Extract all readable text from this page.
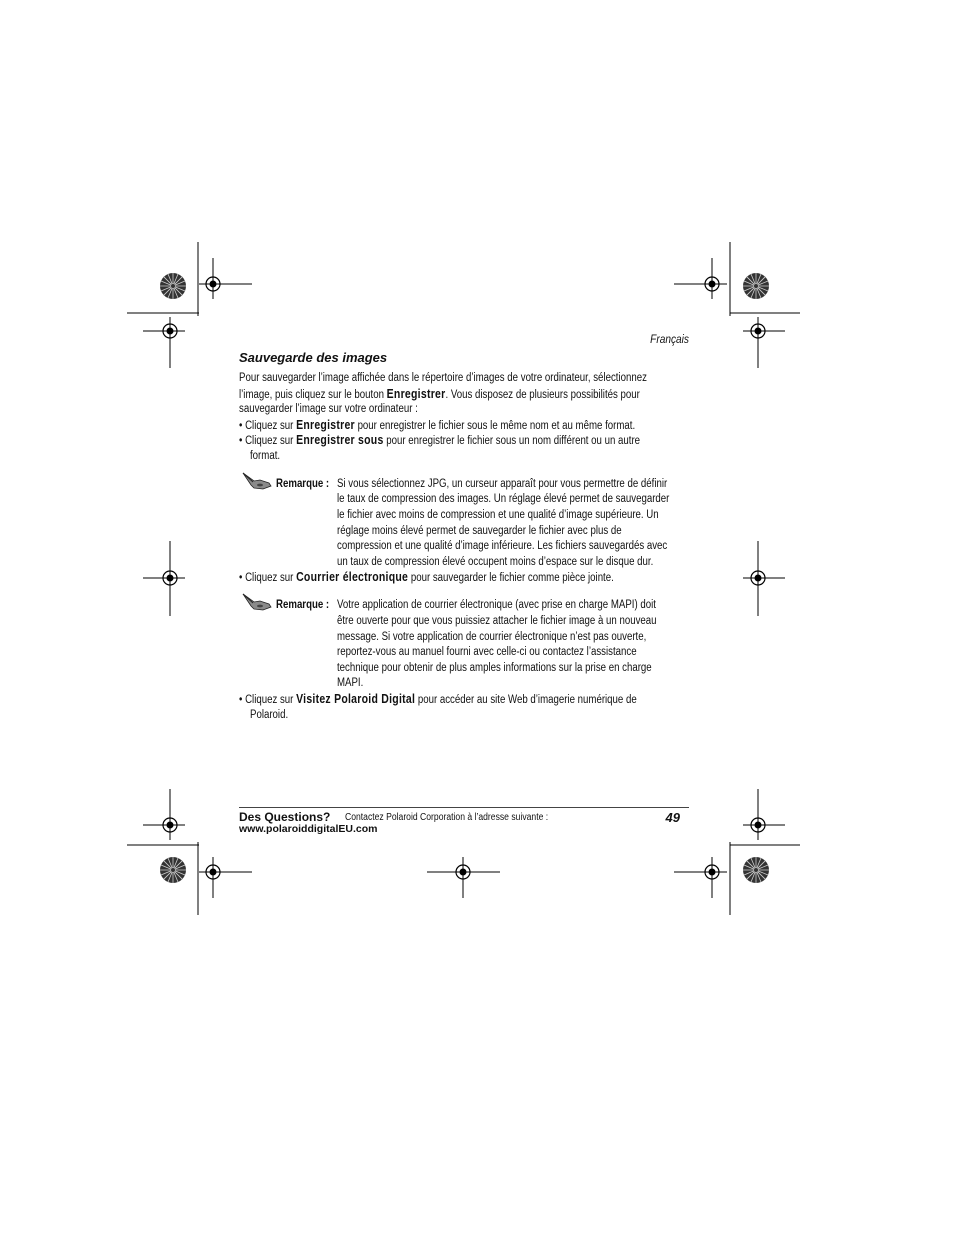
Français
Sauvegarde des images
Pour sauvegarder l’image affichée dans le répertoire d’images de votre ordinateur, sélectionnez
l’image, puis cliquez sur le bouton Enregistrer. Vous disposez de plusieurs possibilités pour
sauvegarder l’image sur votre ordinateur :
• Cliquez sur Enregistrer pour enregistrer le fichier sous le même nom et au même format.
• Cliquez sur Enregistrer sous pour enregistrer le fichier sous un nom différent ou un autre
format.
Remarque : Si vous sélectionnez JPG, un curseur apparaît pour vous permettre de définir
le taux de compression des images. Un réglage élevé permet de sauvegarder
le fichier avec moins de compression et une qualité d’image supérieure. Un
réglage moins élevé permet de sauvegarder le fichier avec plus de
compression et une qualité d’image inférieure. Les fichiers sauvegardés avec
un taux de compression élevé occupent moins d’espace sur le disque dur.
• Cliquez sur Courrier électronique pour sauvegarder le fichier comme pièce jointe.
Remarque : Votre application de courrier électronique (avec prise en charge MAPI) doit
être ouverte pour que vous puissiez attacher le fichier image à un nouveau
message. Si votre application de courrier électronique n’est pas ouverte,
reportez-vous au manuel fourni avec celle-ci ou contactez l’assistance
technique pour obtenir de plus amples informations sur la prise en charge
MAPI.
• Cliquez sur Visitez Polaroid Digital pour accéder au site Web d’imagerie numérique de
Polaroid.
Des Questions? Contactez Polaroid Corporation à l’adresse suivante :
www.polaroiddigitalEU.com
49
